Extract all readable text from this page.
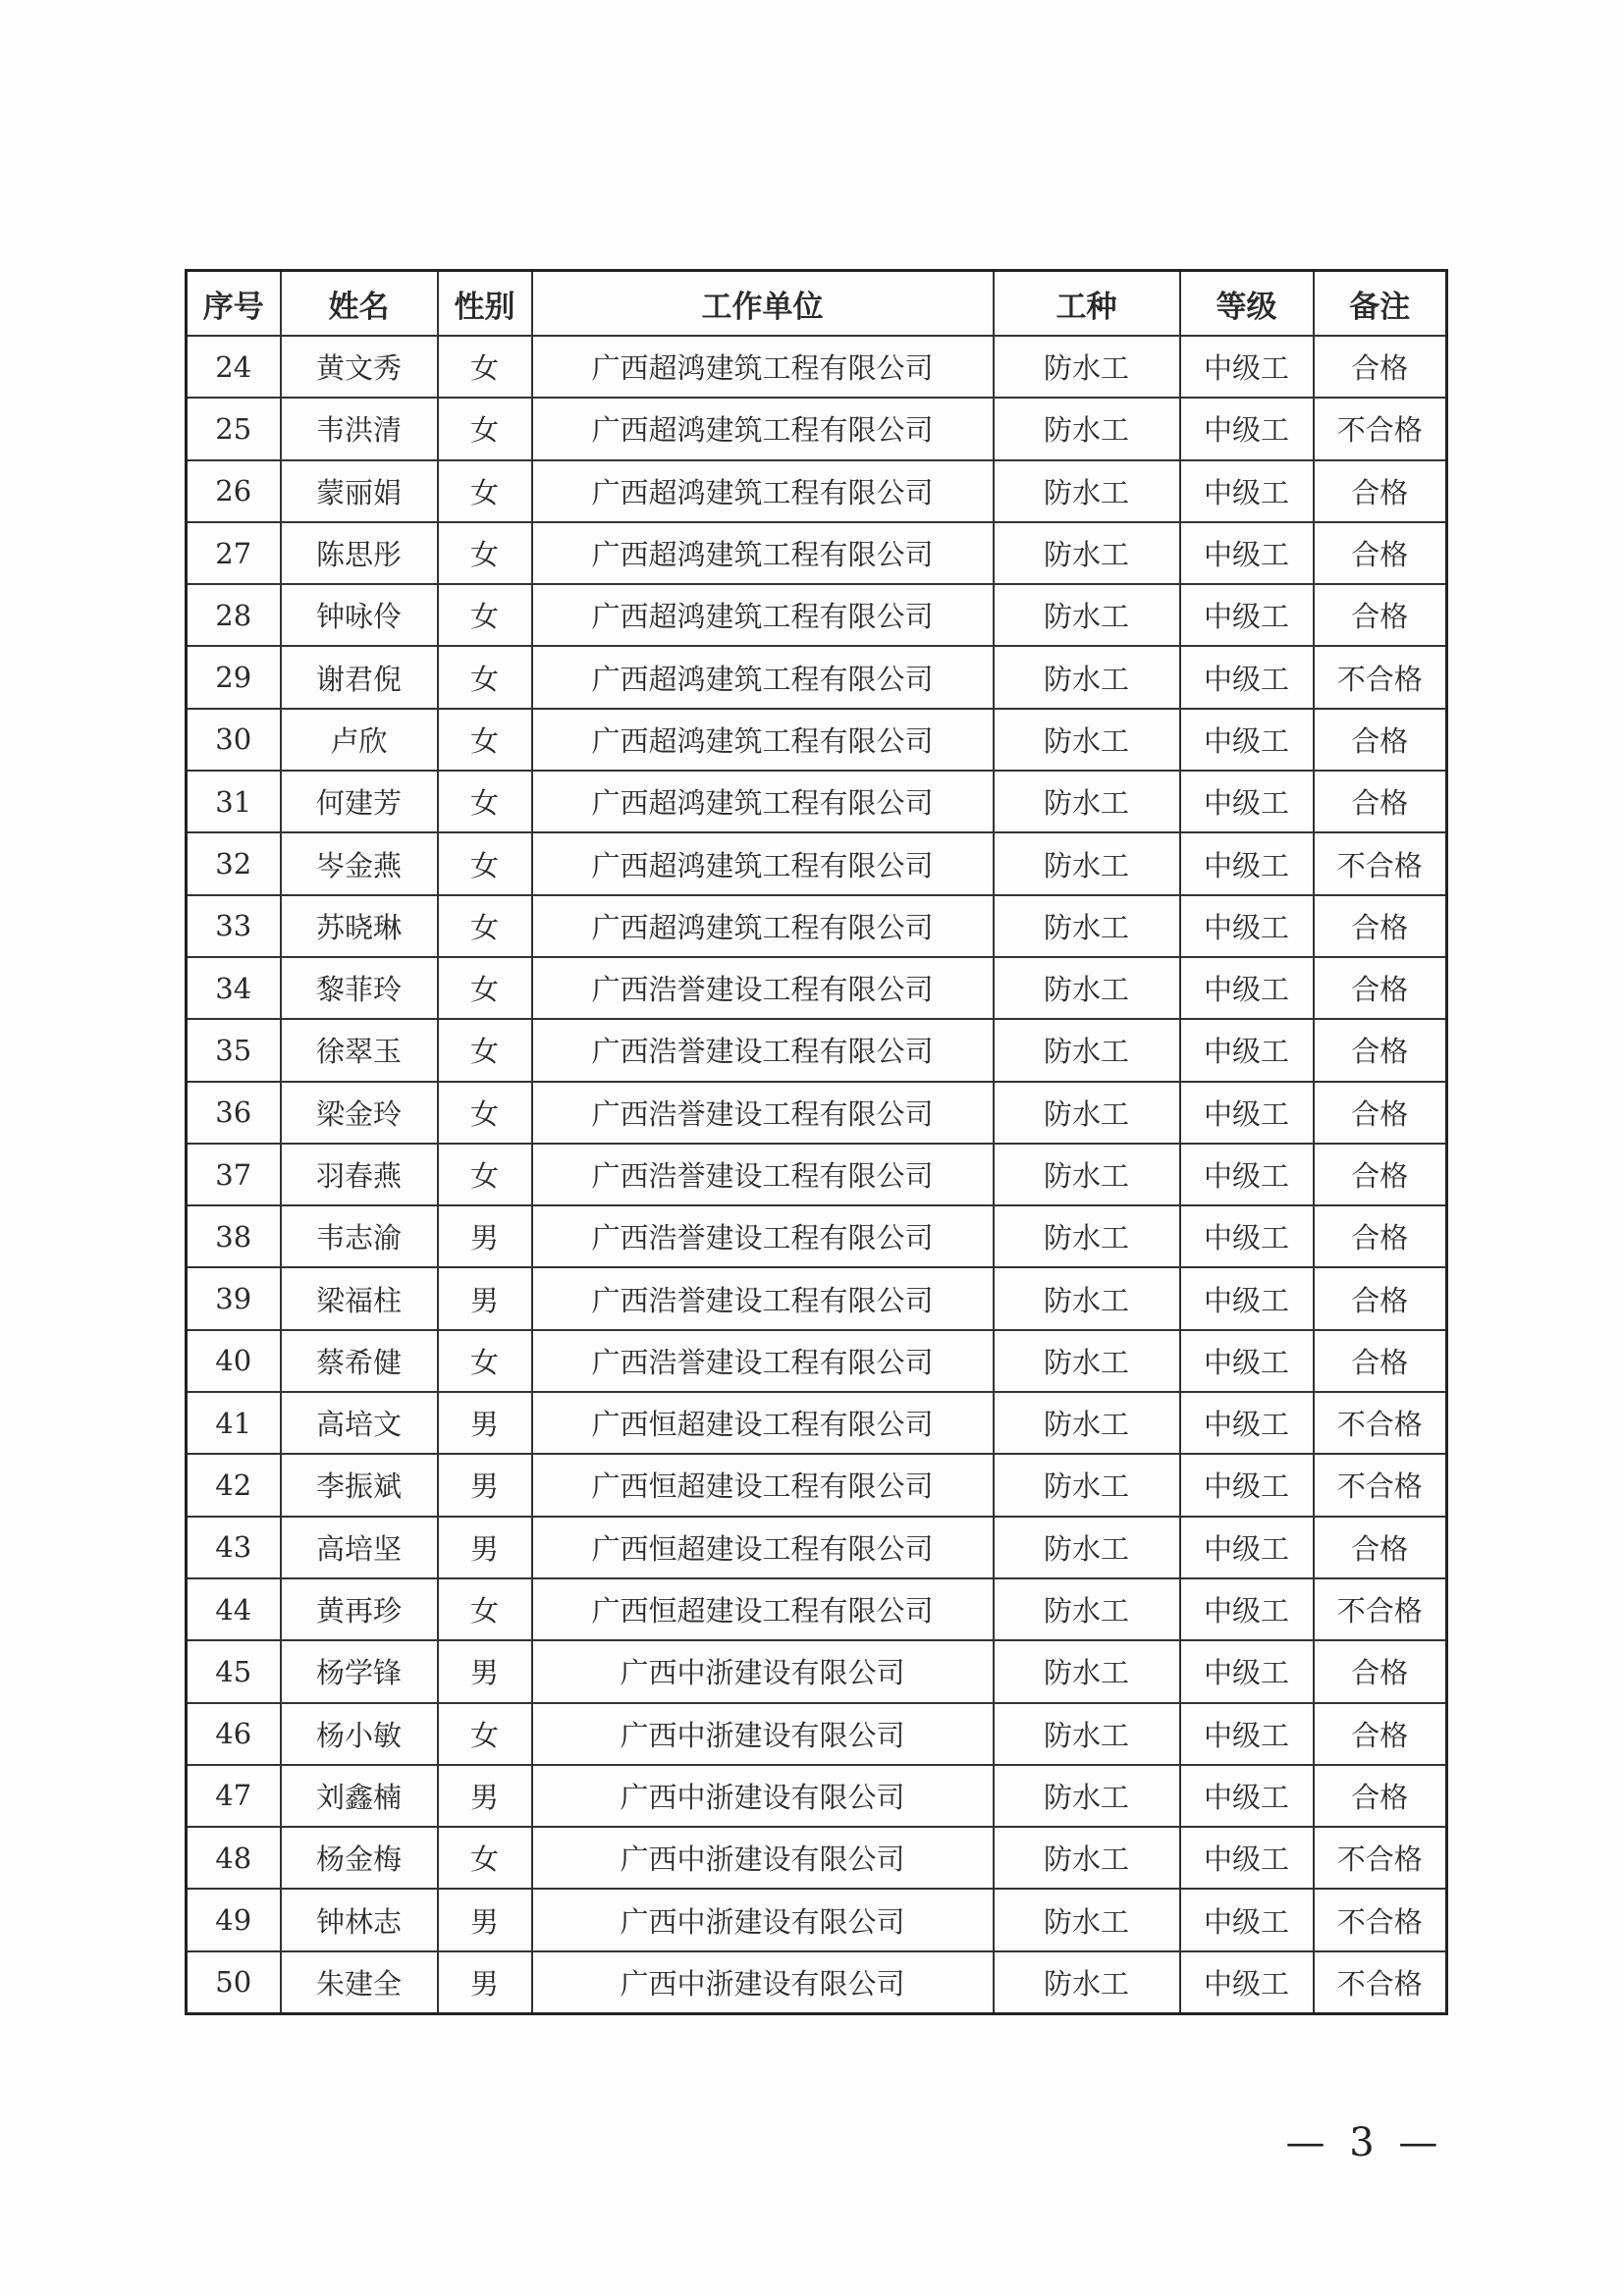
序号	姓名	性别	工作单位	工种	等级	备注
24	黄文秀	女	广西超鸿建筑工程有限公司	防水工	中级工	合格
25	韦洪清	女	广西超鸿建筑工程有限公司	防水工	中级工	不合格
26	蒙丽娟	女	广西超鸿建筑工程有限公司	防水工	中级工	合格
27	陈思彤	女	广西超鸿建筑工程有限公司	防水工	中级工	合格
28	钟咏伶	女	广西超鸿建筑工程有限公司	防水工	中级工	合格
29	谢君倪	女	广西超鸿建筑工程有限公司	防水工	中级工	不合格
30	卢欣	女	广西超鸿建筑工程有限公司	防水工	中级工	合格
31	何建芳	女	广西超鸿建筑工程有限公司	防水工	中级工	合格
32	岑金燕	女	广西超鸿建筑工程有限公司	防水工	中级工	不合格
33	苏晓琳	女	广西超鸿建筑工程有限公司	防水工	中级工	合格
34	黎菲玲	女	广西浩誉建设工程有限公司	防水工	中级工	合格
35	徐翠玉	女	广西浩誉建设工程有限公司	防水工	中级工	合格
36	梁金玲	女	广西浩誉建设工程有限公司	防水工	中级工	合格
37	羽春燕	女	广西浩誉建设工程有限公司	防水工	中级工	合格
38	韦志渝	男	广西浩誉建设工程有限公司	防水工	中级工	合格
39	梁福柱	男	广西浩誉建设工程有限公司	防水工	中级工	合格
40	蔡希健	女	广西浩誉建设工程有限公司	防水工	中级工	合格
41	高培文	男	广西恒超建设工程有限公司	防水工	中级工	不合格
42	李振斌	男	广西恒超建设工程有限公司	防水工	中级工	不合格
43	高培坚	男	广西恒超建设工程有限公司	防水工	中级工	合格
44	黄再珍	女	广西恒超建设工程有限公司	防水工	中级工	不合格
45	杨学锋	男	广西中浙建设有限公司	防水工	中级工	合格
46	杨小敏	女	广西中浙建设有限公司	防水工	中级工	合格
47	刘鑫楠	男	广西中浙建设有限公司	防水工	中级工	合格
48	杨金梅	女	广西中浙建设有限公司	防水工	中级工	不合格
49	钟林志	男	广西中浙建设有限公司	防水工	中级工	不合格
50	朱建全	男	广西中浙建设有限公司	防水工	中级工	不合格
— 3 —
